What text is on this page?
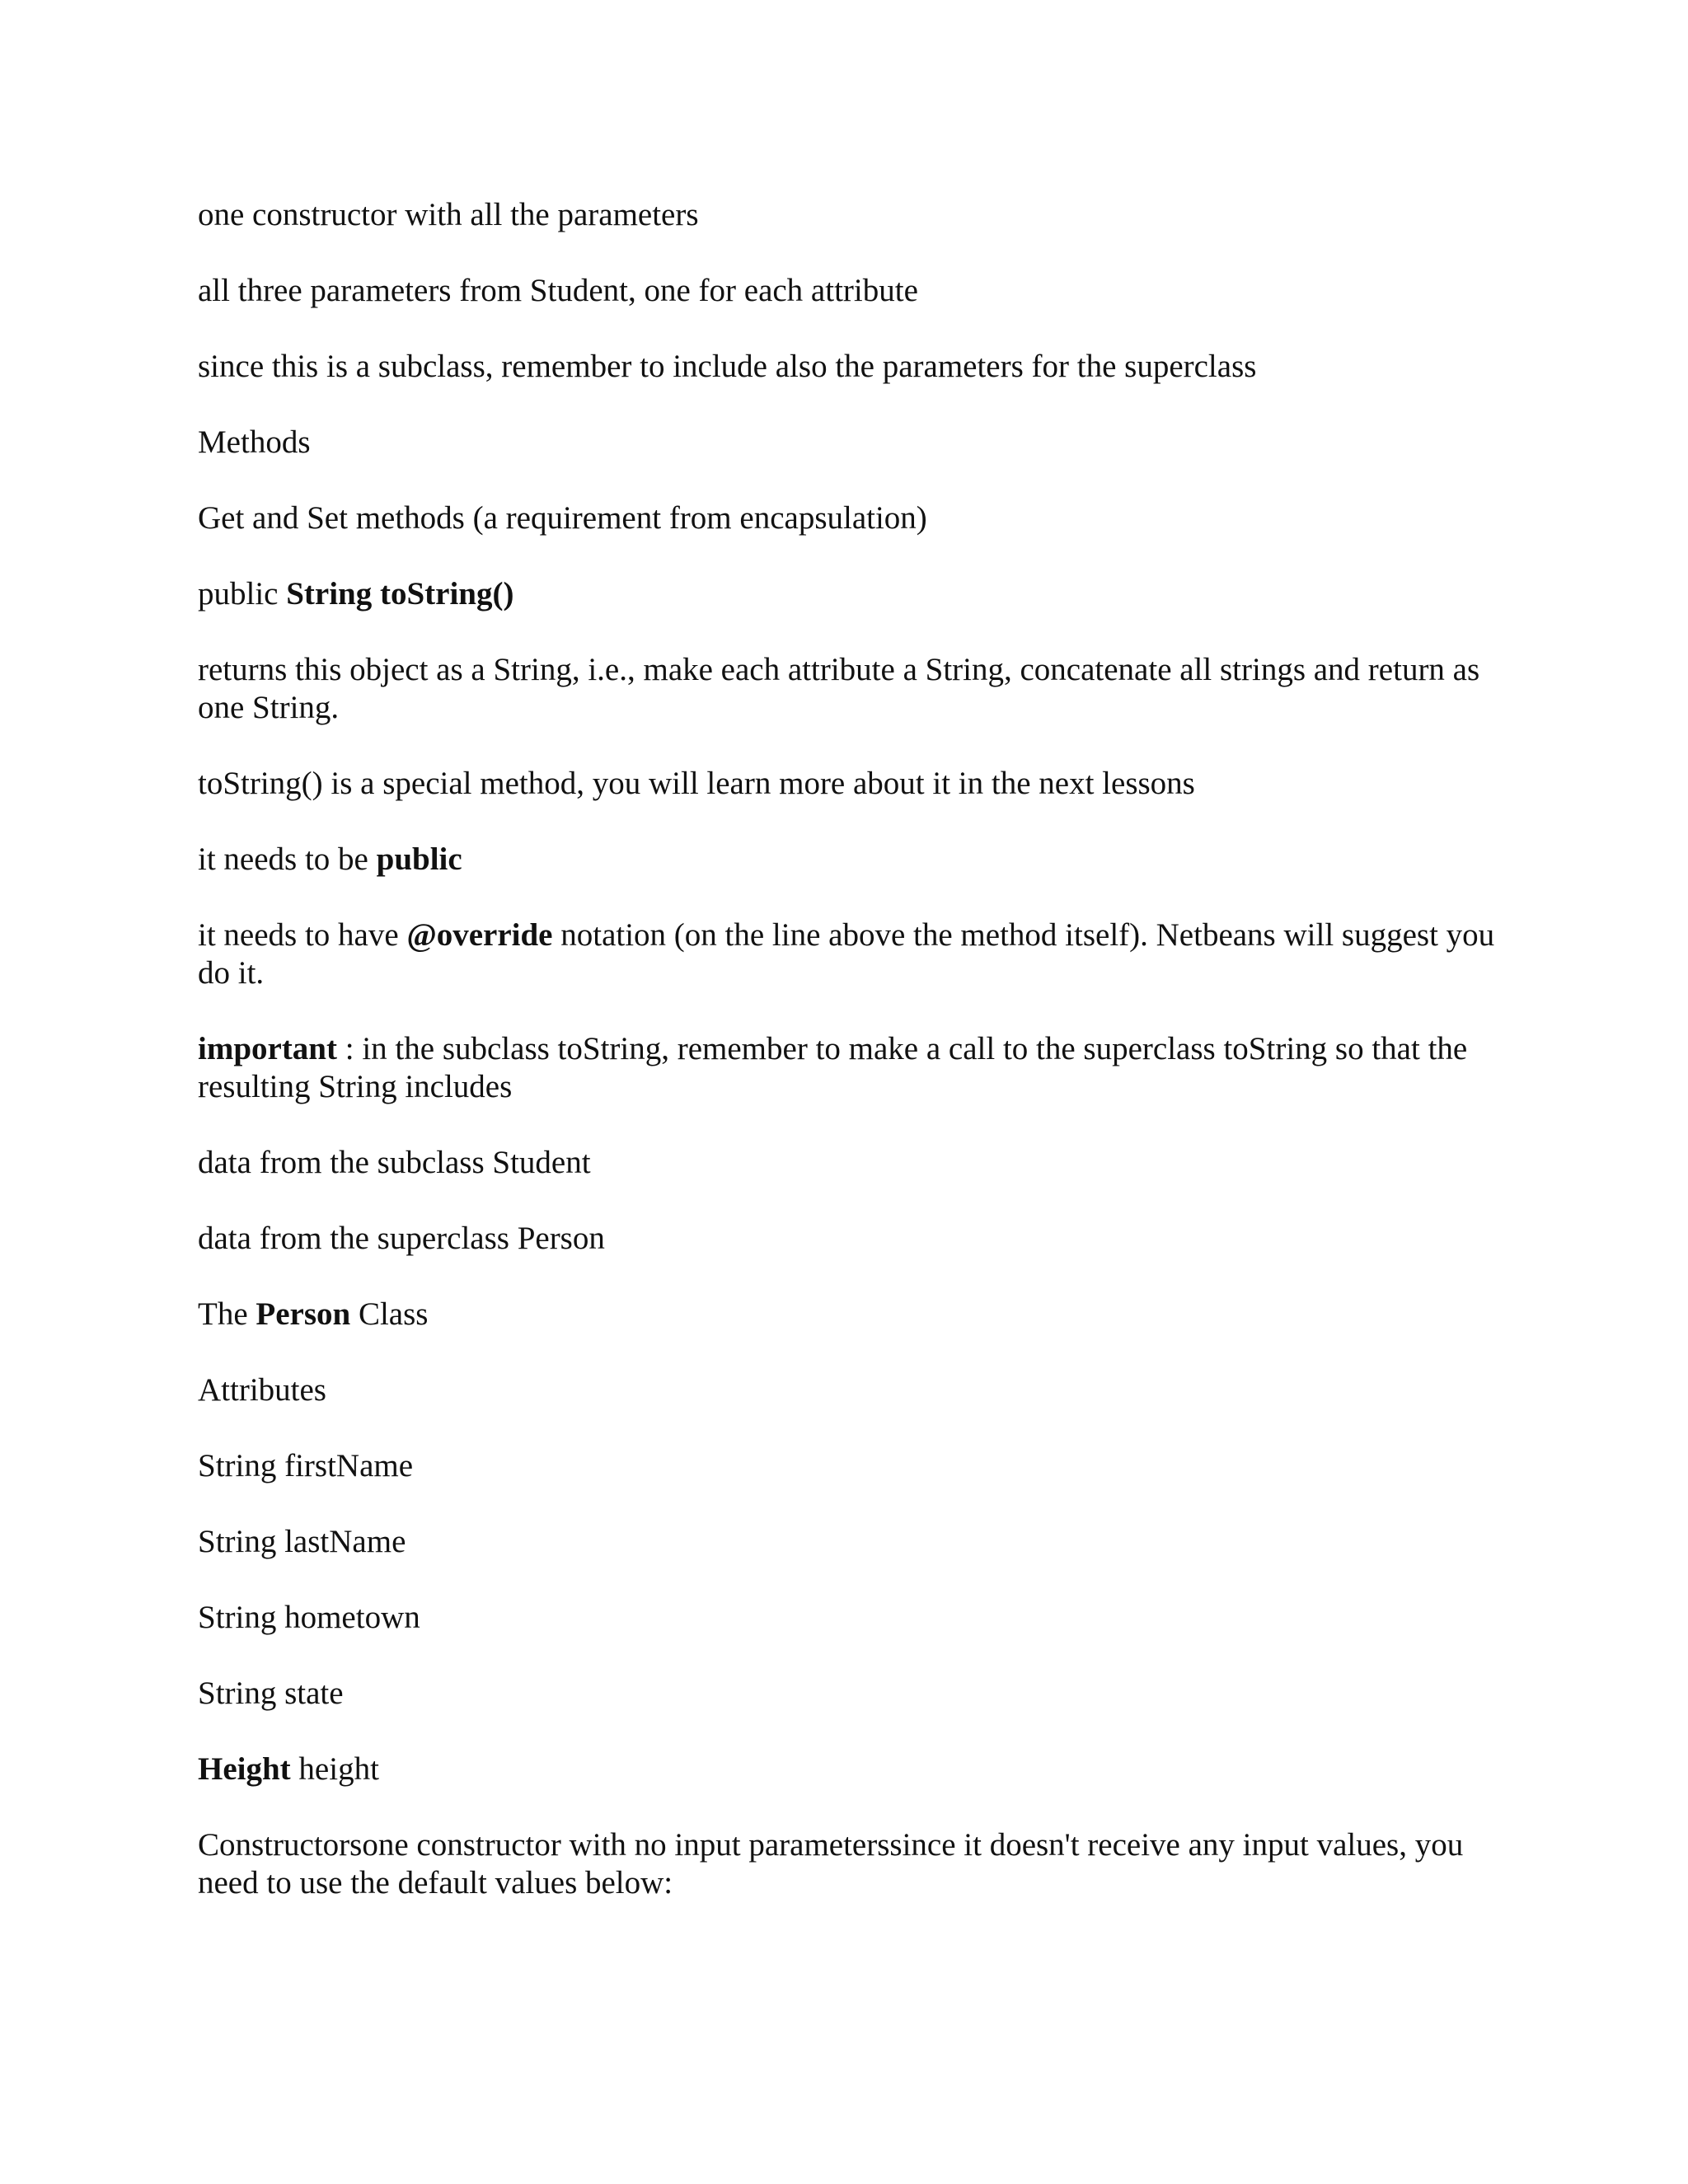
one constructor with all the parameters

all three parameters from Student, one for each attribute

since this is a subclass, remember to include also the parameters for the superclass

Methods

Get and Set methods (a requirement from encapsulation)

public String toString()

returns this object as a String, i.e., make each attribute a String, concatenate all strings and return as one String.

toString() is a special method, you will learn more about it in the next lessons

it needs to be public

it needs to have @override notation (on the line above the method itself). Netbeans will suggest you do it.

important : in the subclass toString, remember to make a call to the superclass toString so that the resulting String includes

data from the subclass Student

data from the superclass Person

The Person Class

Attributes

String firstName

String lastName

String hometown

String state

Height height

Constructorsone constructor with no input parameterssince it doesn't receive any input values, you need to use the default values below:
